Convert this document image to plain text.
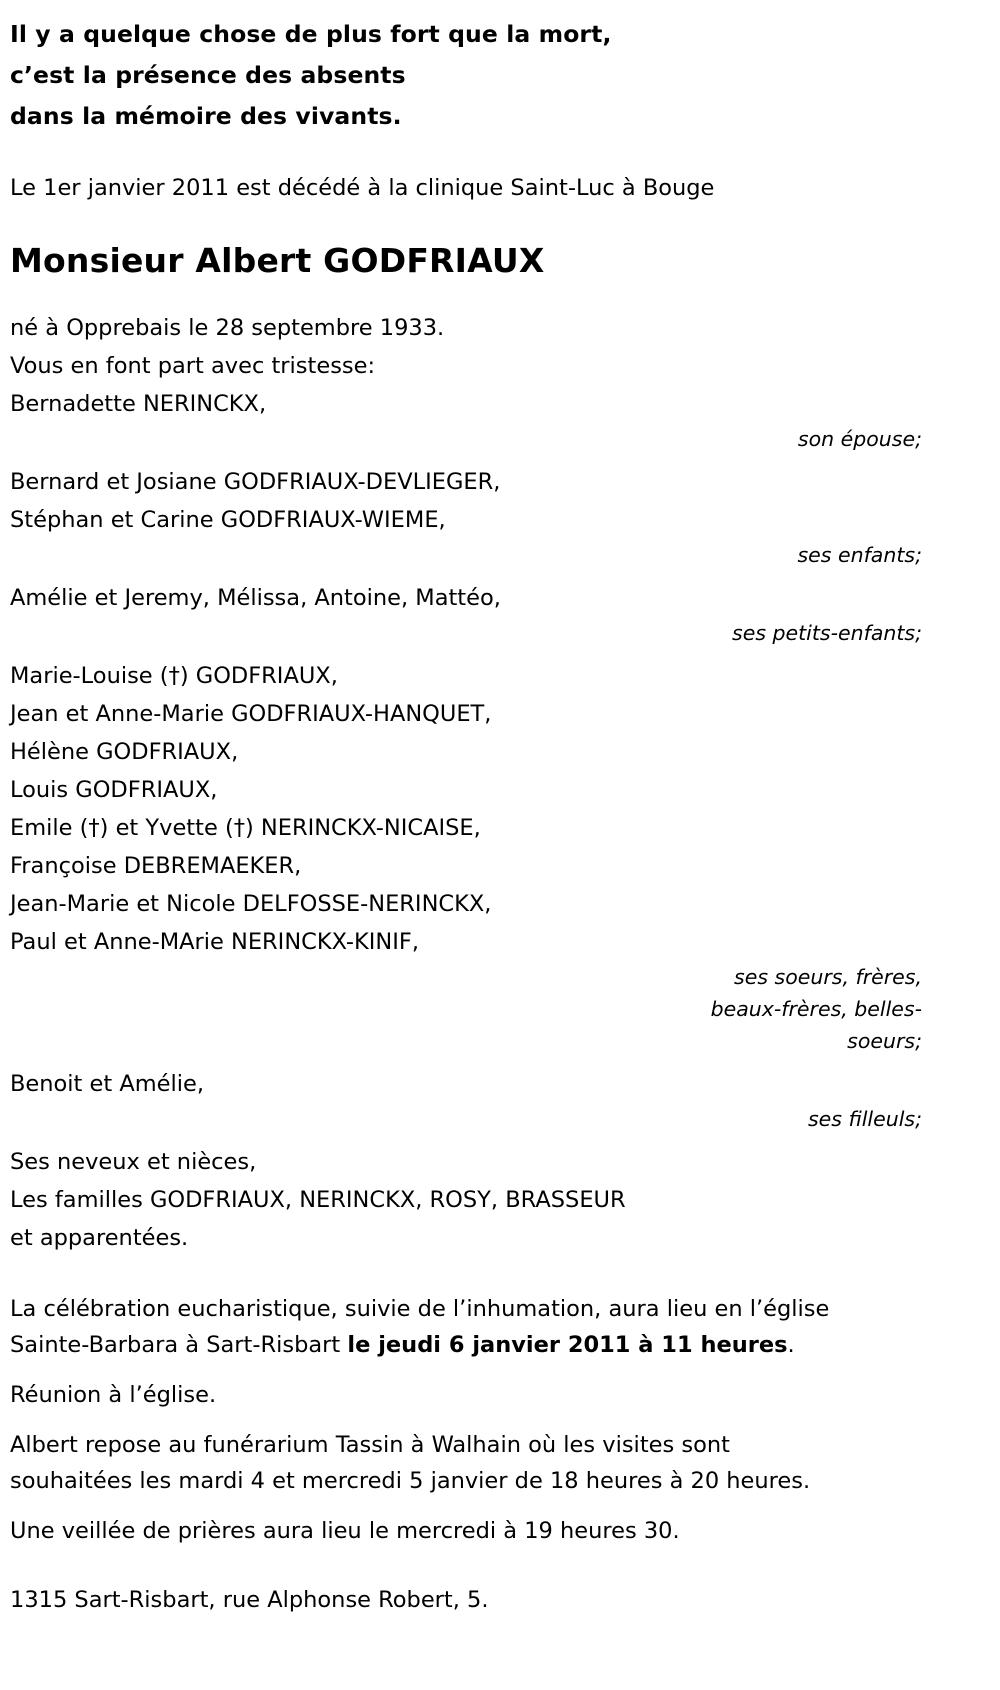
Il y a quelque chose de plus fort que la mort,
c’est la présence des absents
dans la mémoire des vivants.
Le 1er janvier 2011 est décédé à la clinique Saint-Luc à Bouge
Monsieur Albert GODFRIAUX
né à Opprebais le 28 septembre 1933.
Vous en font part avec tristesse:
Bernadette NERINCKX,
son épouse;
Bernard et Josiane GODFRIAUX-DEVLIEGER,
Stéphan et Carine GODFRIAUX-WIEME,
ses enfants;
Amélie et Jeremy, Mélissa, Antoine, Mattéo,
ses petits-enfants;
Marie-Louise (†) GODFRIAUX,
Jean et Anne-Marie GODFRIAUX-HANQUET,
Hélène GODFRIAUX,
Louis GODFRIAUX,
Emile (†) et Yvette (†) NERINCKX-NICAISE,
Françoise DEBREMAEKER,
Jean-Marie et Nicole DELFOSSE-NERINCKX,
Paul et Anne-MArie NERINCKX-KINIF,
ses soeurs, frères,
beaux-frères, belles-
soeurs;
Benoit et Amélie,
ses filleuls;
Ses neveux et nièces,
Les familles GODFRIAUX, NERINCKX, ROSY, BRASSEUR
et apparentées.
La célébration eucharistique, suivie de l’inhumation, aura lieu en l’église
Sainte-Barbara à Sart-Risbart le jeudi 6 janvier 2011 à 11 heures.
Réunion à l’église.
Albert repose au funérarium Tassin à Walhain où les visites sont
souhaitées les mardi 4 et mercredi 5 janvier de 18 heures à 20 heures.
Une veillée de prières aura lieu le mercredi à 19 heures 30.
1315 Sart-Risbart, rue Alphonse Robert, 5.
